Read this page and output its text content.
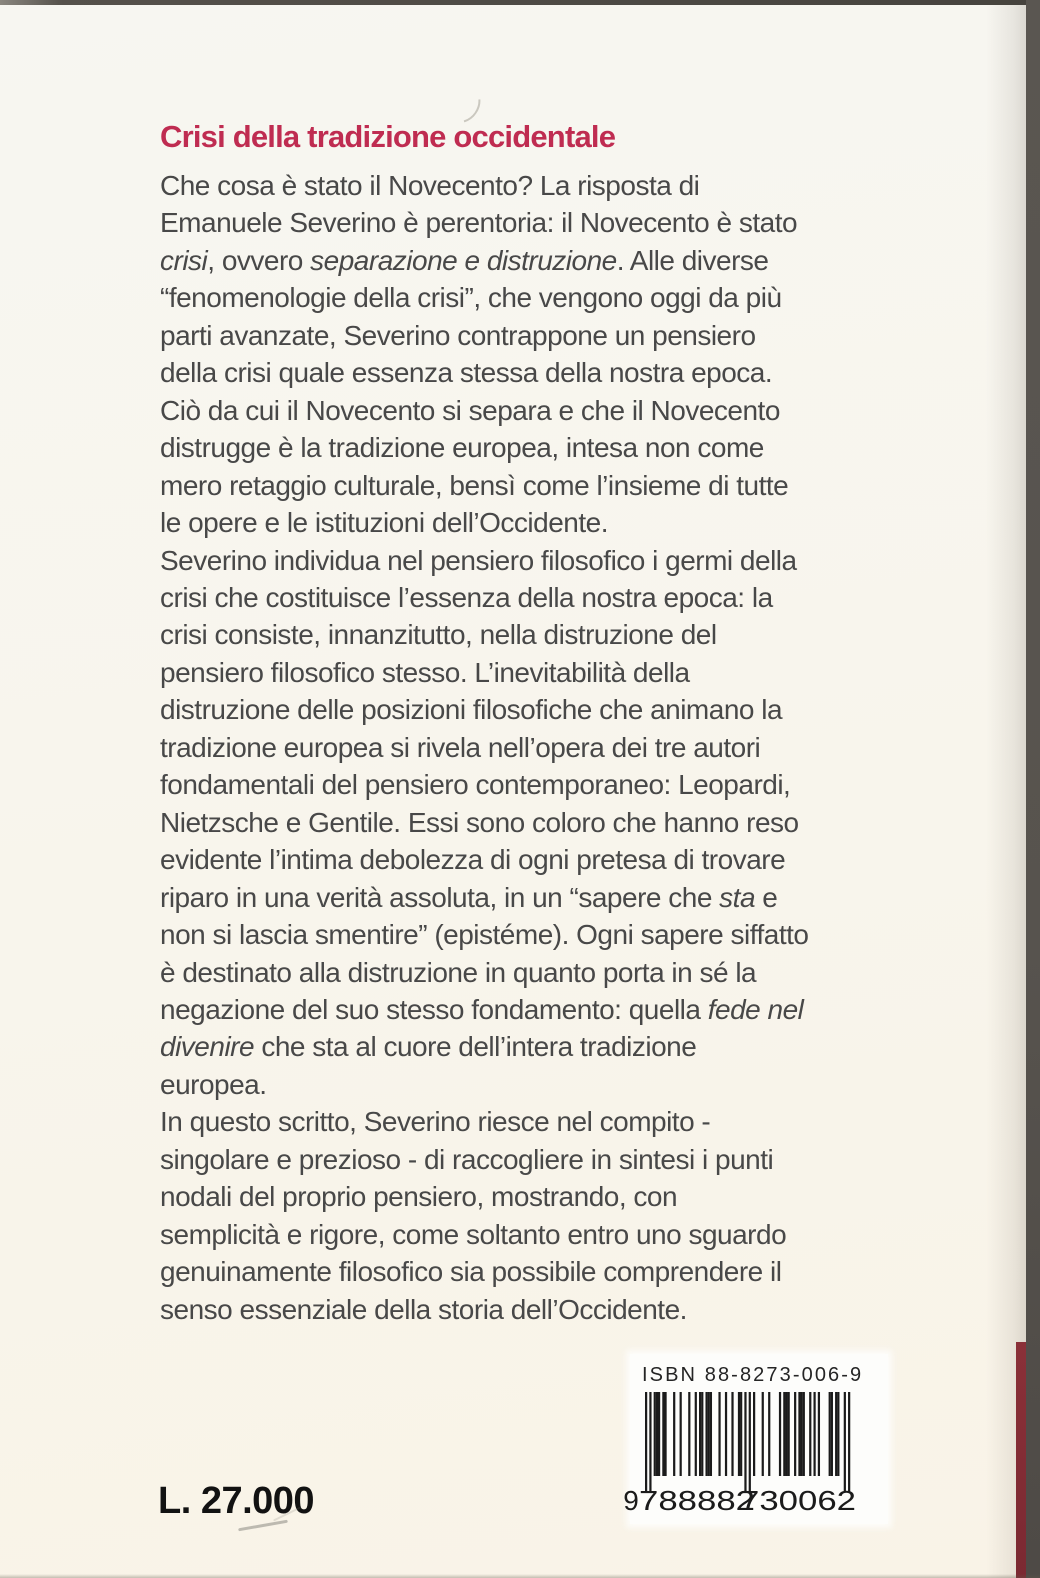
Crisi della tradizione occidentale
Che cosa è stato il Novecento? La risposta di
Emanuele Severino è perentoria: il Novecento è stato
crisi, ovvero separazione e distruzione. Alle diverse
“fenomenologie della crisi”, che vengono oggi da più
parti avanzate, Severino contrappone un pensiero
della crisi quale essenza stessa della nostra epoca.
Ciò da cui il Novecento si separa e che il Novecento
distrugge è la tradizione europea, intesa non come
mero retaggio culturale, bensì come l’insieme di tutte
le opere e le istituzioni dell’Occidente.
Severino individua nel pensiero filosofico i germi della
crisi che costituisce l’essenza della nostra epoca: la
crisi consiste, innanzitutto, nella distruzione del
pensiero filosofico stesso. L’inevitabilità della
distruzione delle posizioni filosofiche che animano la
tradizione europea si rivela nell’opera dei tre autori
fondamentali del pensiero contemporaneo: Leopardi,
Nietzsche e Gentile. Essi sono coloro che hanno reso
evidente l’intima debolezza di ogni pretesa di trovare
riparo in una verità assoluta, in un “sapere che sta e
non si lascia smentire” (epistéme). Ogni sapere siffatto
è destinato alla distruzione in quanto porta in sé la
negazione del suo stesso fondamento: quella fede nel
divenire che sta al cuore dell’intera tradizione
europea.
In questo scritto, Severino riesce nel compito -
singolare e prezioso - di raccogliere in sintesi i punti
nodali del proprio pensiero, mostrando, con
semplicità e rigore, come soltanto entro uno sguardo
genuinamente filosofico sia possibile comprendere il
senso essenziale della storia dell’Occidente.
ISBN 88-8273-006-9
9 788882
730062
L. 27.000
